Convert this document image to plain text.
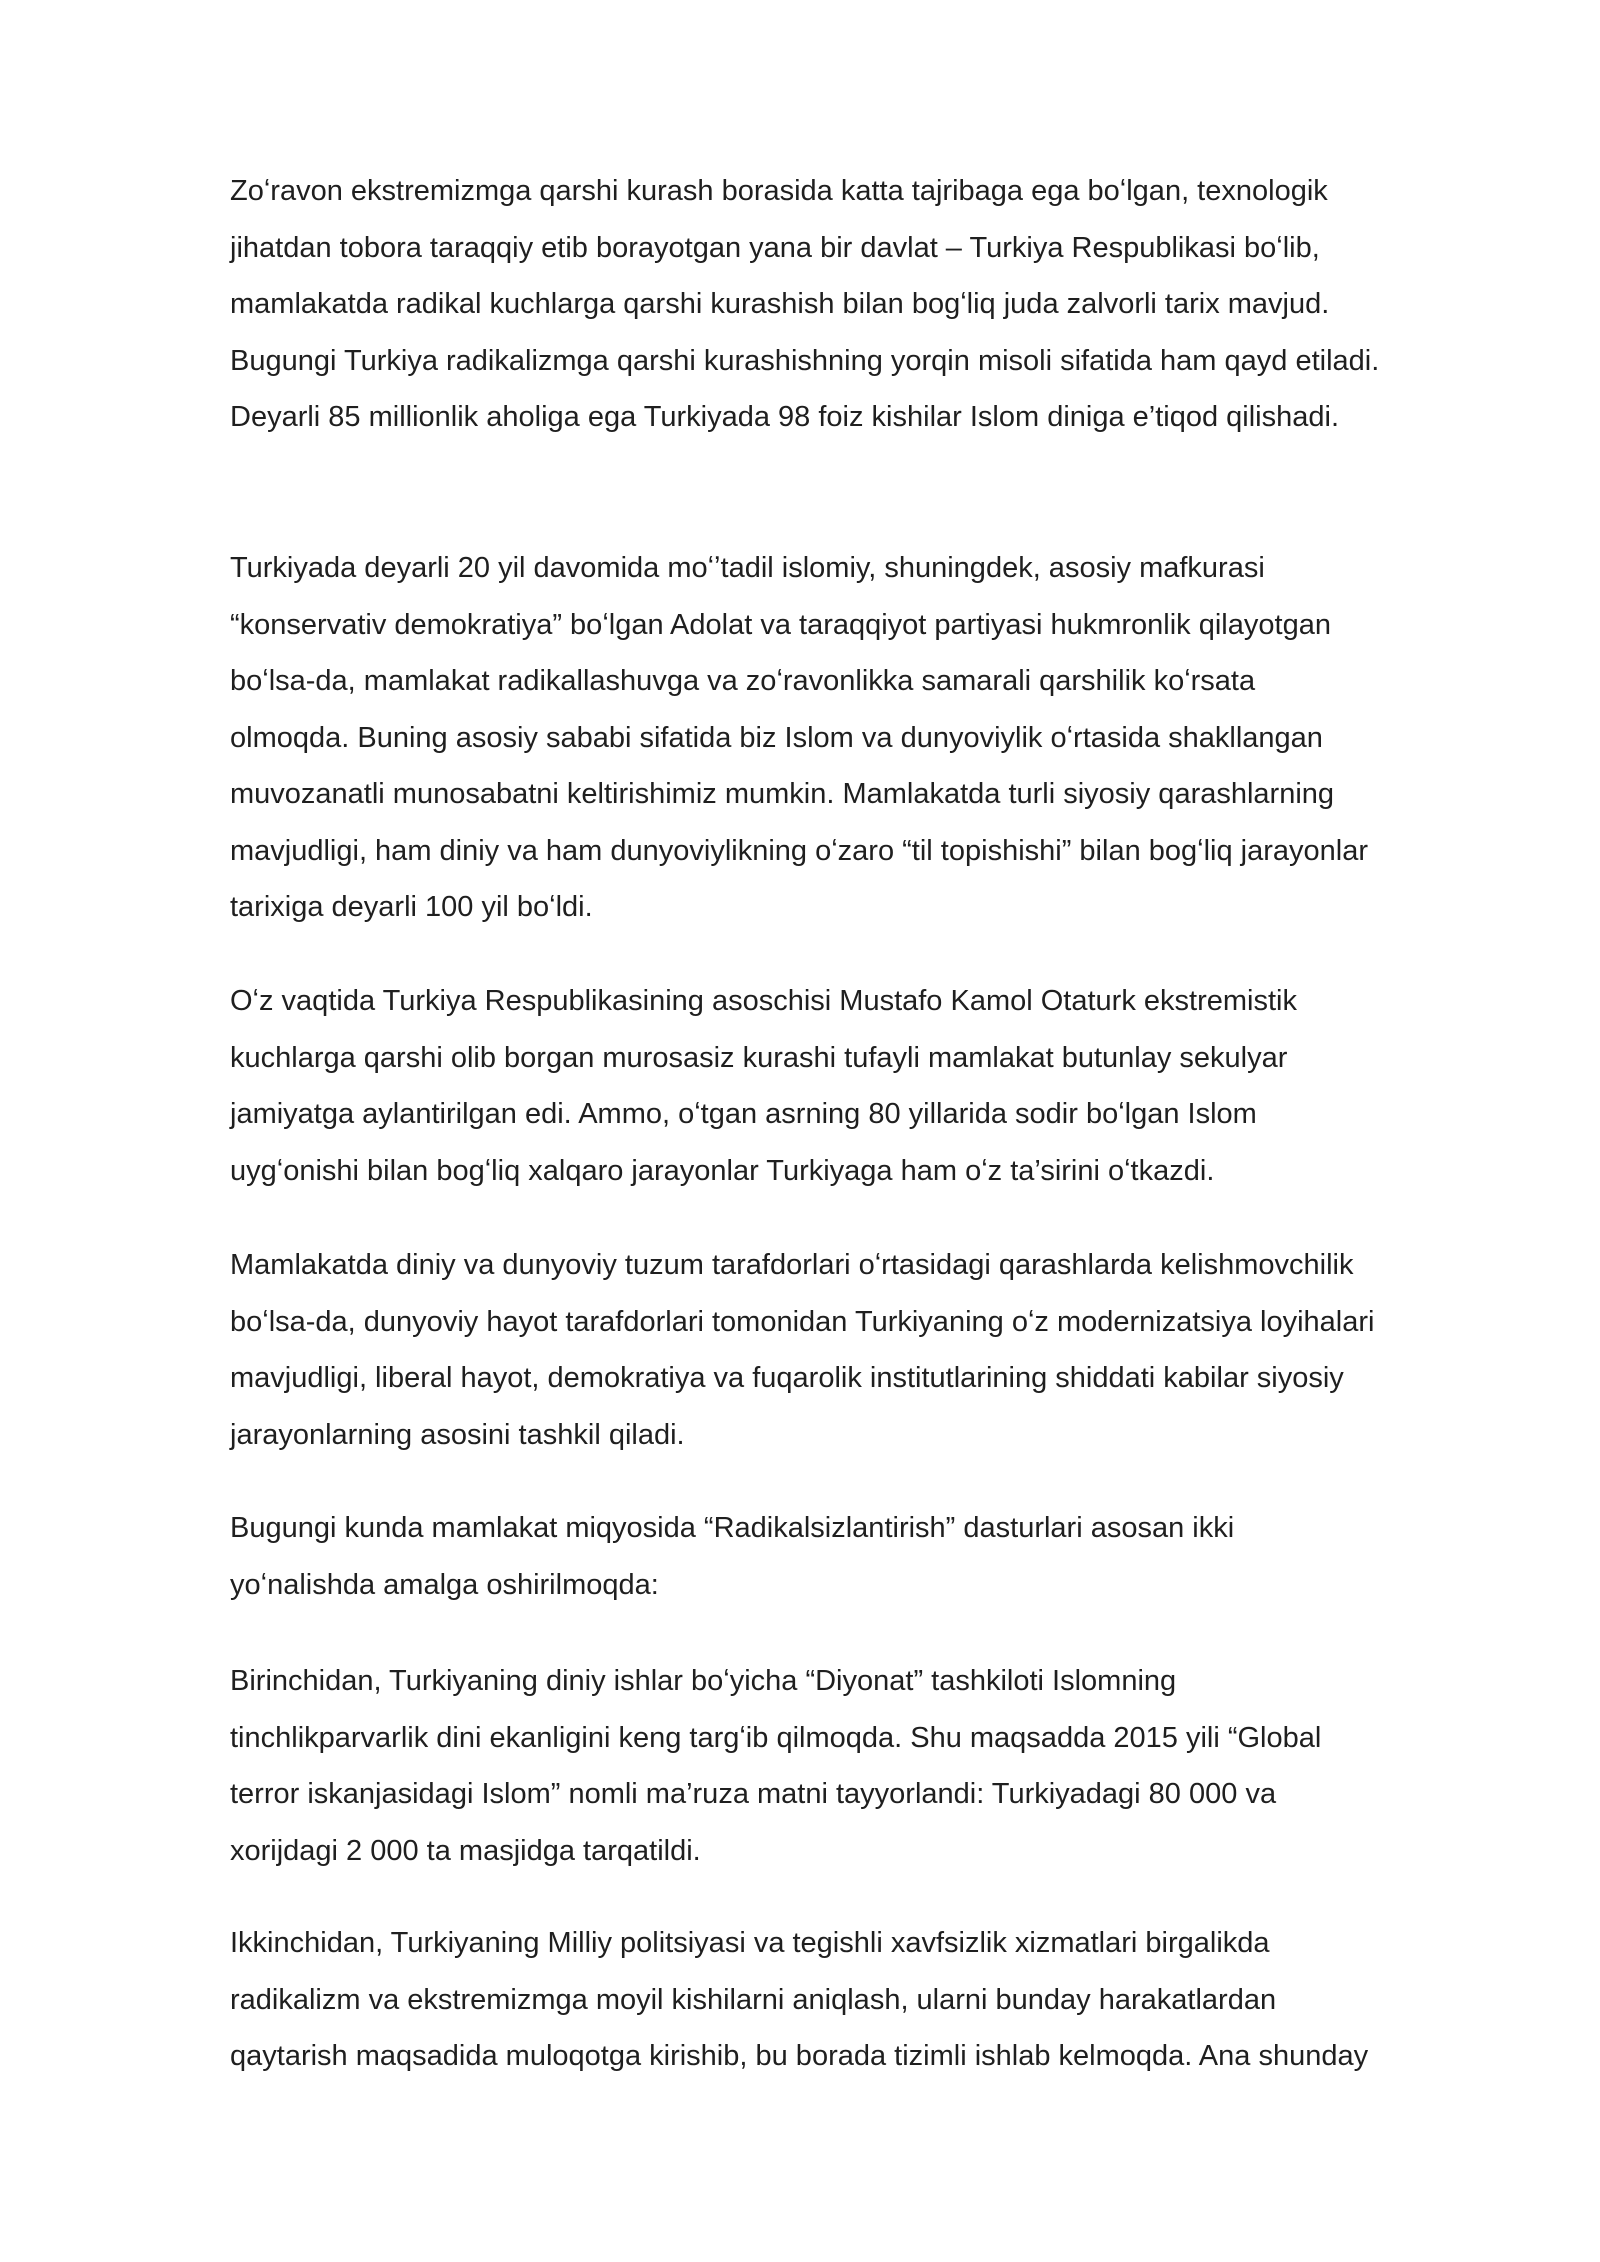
Zoʻravon ekstremizmga qarshi kurash borasida katta tajribaga ega boʻlgan, texnologik
jihatdan tobora taraqqiy etib borayotgan yana bir davlat – Turkiya Respublikasi boʻlib,
mamlakatda radikal kuchlarga qarshi kurashish bilan bogʻliq juda zalvorli tarix mavjud.
Bugungi Turkiya radikalizmga qarshi kurashishning yorqin misoli sifatida ham qayd etiladi.
Deyarli 85 millionlik aholiga ega Turkiyada 98 foiz kishilar Islom diniga e’tiqod qilishadi.
Turkiyada deyarli 20 yil davomida moʻʼtadil islomiy, shuningdek, asosiy mafkurasi
“konservativ demokratiya” boʻlgan Adolat va taraqqiyot partiyasi hukmronlik qilayotgan
boʻlsa-da, mamlakat radikallashuvga va zoʻravonlikka samarali qarshilik koʻrsata
olmoqda. Buning asosiy sababi sifatida biz Islom va dunyoviylik oʻrtasida shakllangan
muvozanatli munosabatni keltirishimiz mumkin. Mamlakatda turli siyosiy qarashlarning
mavjudligi, ham diniy va ham dunyoviylikning oʻzaro “til topishishi” bilan bogʻliq jarayonlar
tarixiga deyarli 100 yil boʻldi.
Oʻz vaqtida Turkiya Respublikasining asoschisi Mustafo Kamol Otaturk ekstremistik
kuchlarga qarshi olib borgan murosasiz kurashi tufayli mamlakat butunlay sekulyar
jamiyatga aylantirilgan edi. Ammo, oʻtgan asrning 80 yillarida sodir boʻlgan Islom
uygʻonishi bilan bogʻliq xalqaro jarayonlar Turkiyaga ham oʻz ta’sirini oʻtkazdi.
Mamlakatda diniy va dunyoviy tuzum tarafdorlari oʻrtasidagi qarashlarda kelishmovchilik
boʻlsa-da, dunyoviy hayot tarafdorlari tomonidan Turkiyaning oʻz modernizatsiya loyihalari
mavjudligi, liberal hayot, demokratiya va fuqarolik institutlarining shiddati kabilar siyosiy
jarayonlarning asosini tashkil qiladi.
Bugungi kunda mamlakat miqyosida “Radikalsizlantirish” dasturlari asosan ikki
yoʻnalishda amalga oshirilmoqda:
Birinchidan, Turkiyaning diniy ishlar boʻyicha “Diyonat” tashkiloti Islomning
tinchlikparvarlik dini ekanligini keng targʻib qilmoqda. Shu maqsadda 2015 yili “Global
terror iskanjasidagi Islom” nomli ma’ruza matni tayyorlandi: Turkiyadagi 80 000 va
xorijdagi 2 000 ta masjidga tarqatildi.
Ikkinchidan, Turkiyaning Milliy politsiyasi va tegishli xavfsizlik xizmatlari birgalikda
radikalizm va ekstremizmga moyil kishilarni aniqlash, ularni bunday harakatlardan
qaytarish maqsadida muloqotga kirishib, bu borada tizimli ishlab kelmoqda. Ana shunday
